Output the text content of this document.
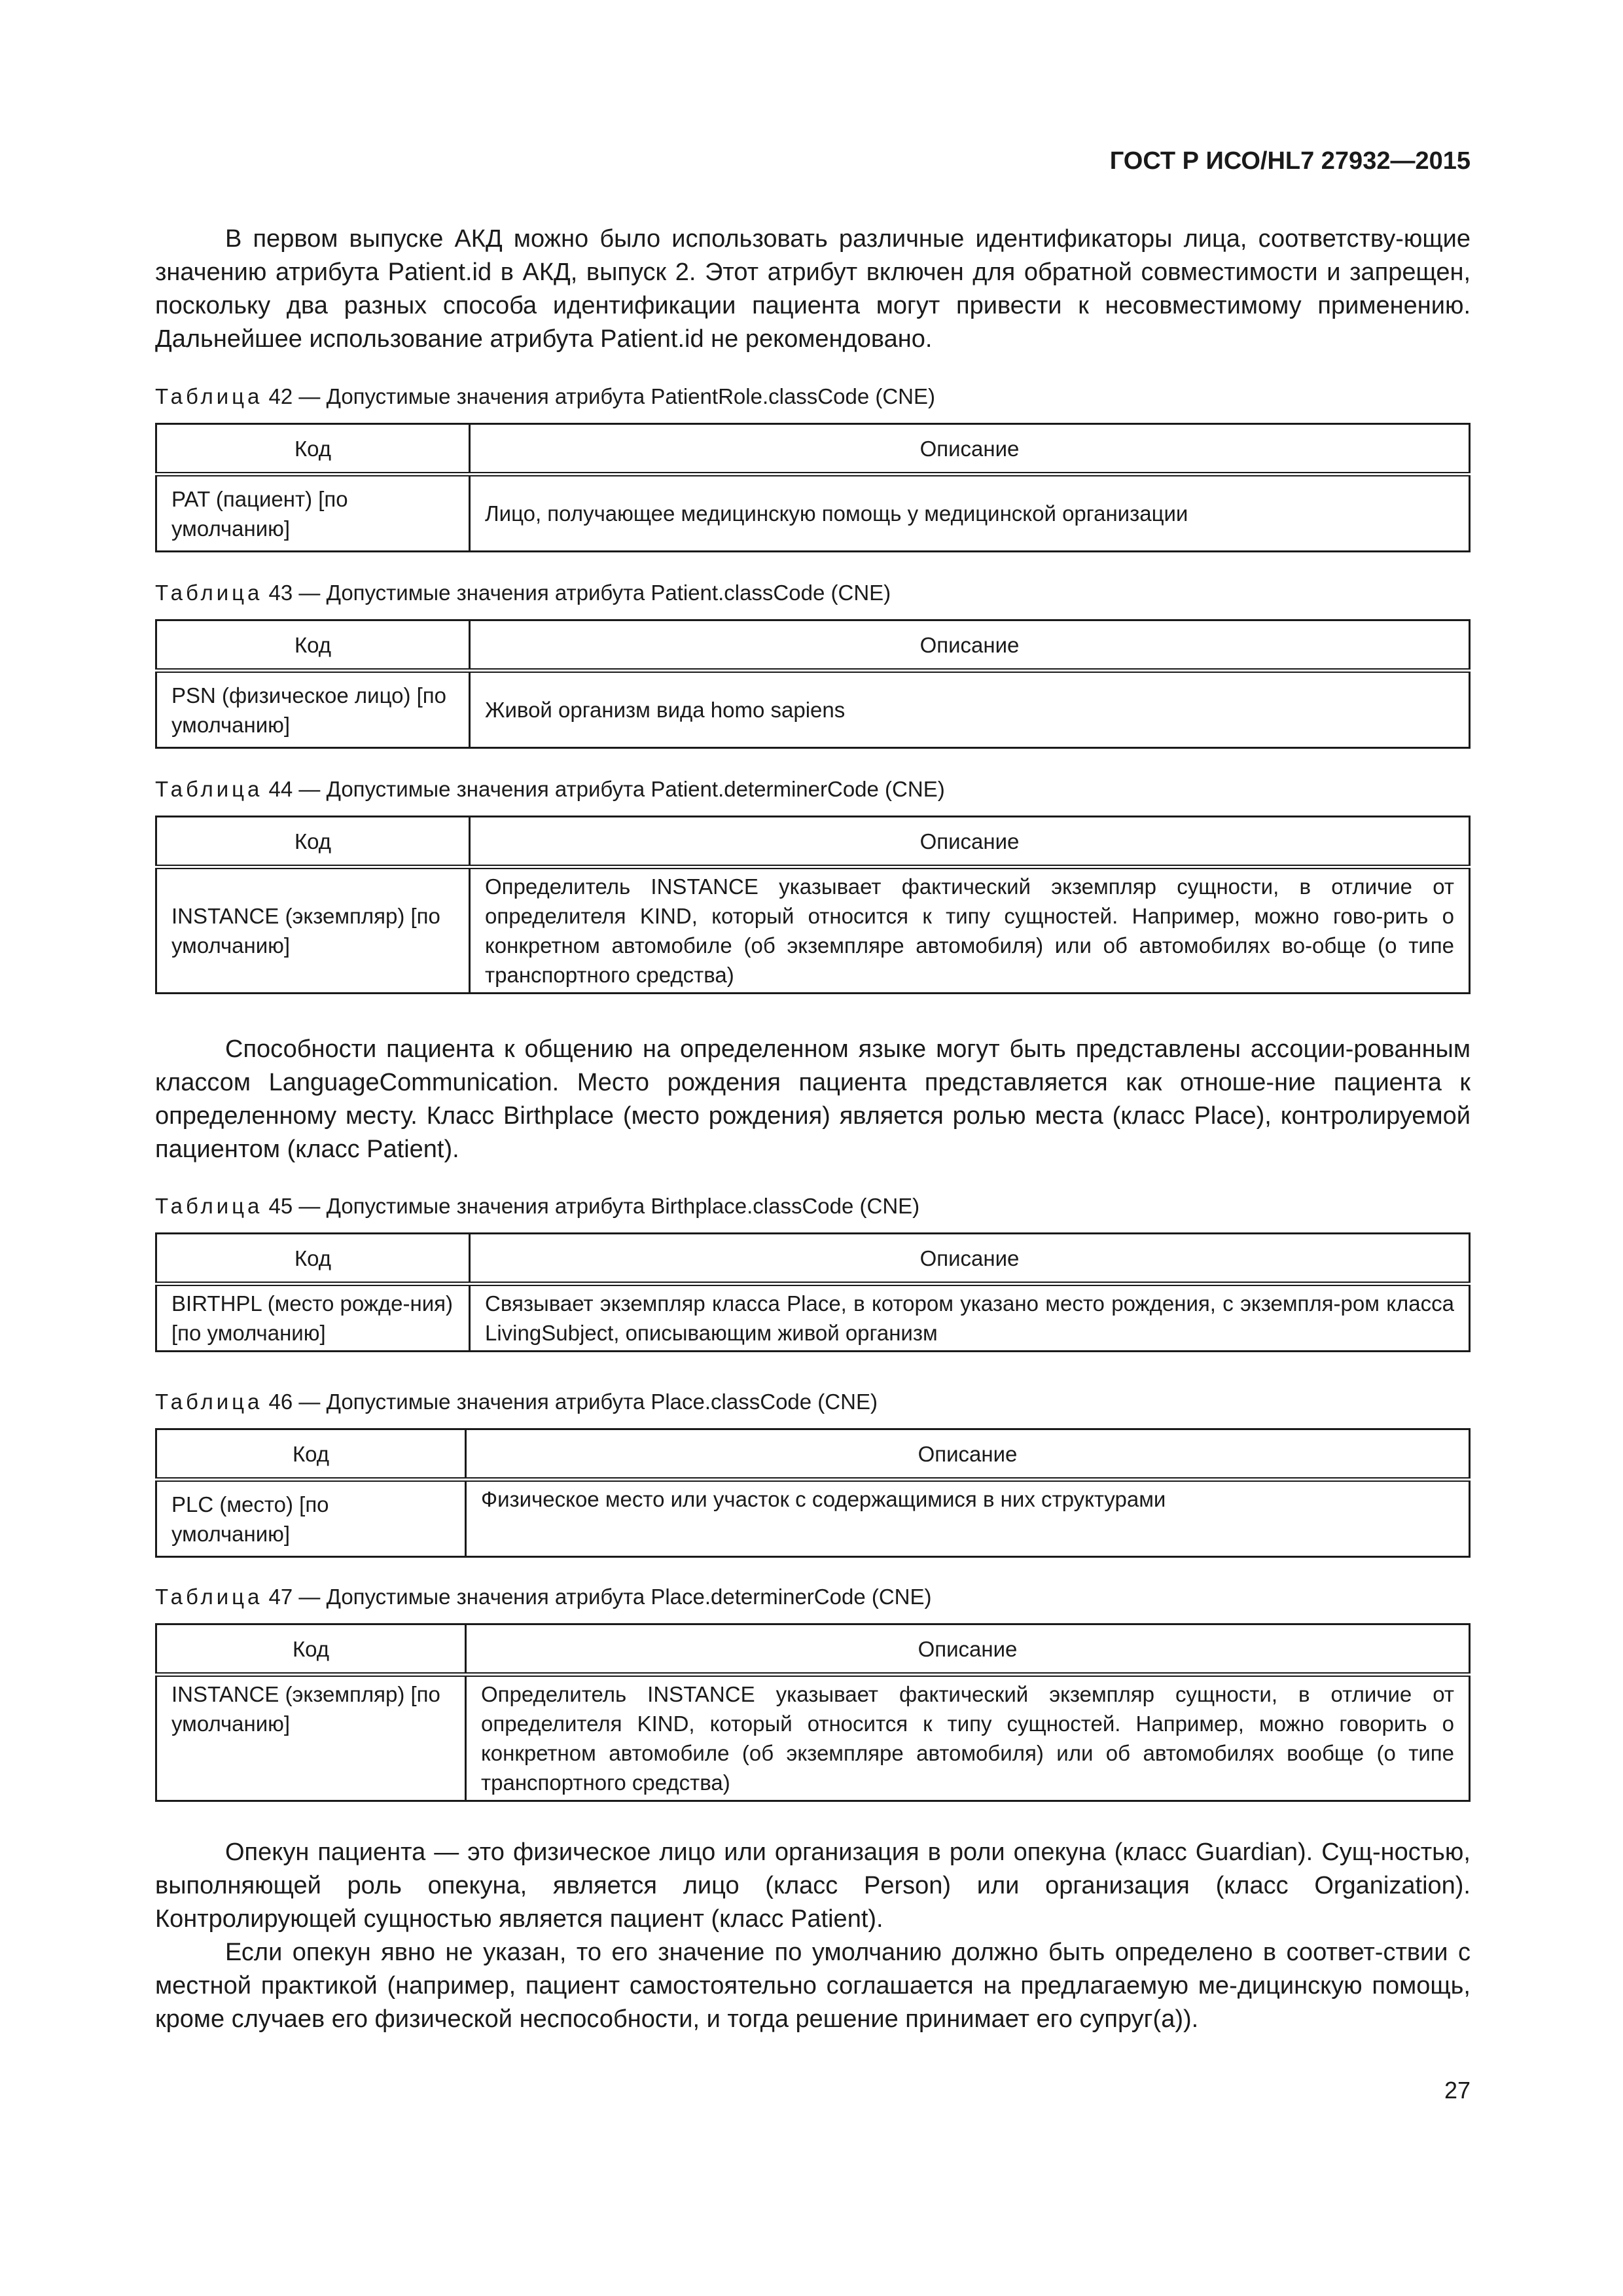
ГОСТ Р ИСО/HL7 27932—2015

В первом выпуске АКД можно было использовать различные идентификаторы лица, соответству-ющие значению атрибута Patient.id в АКД, выпуск 2. Этот атрибут включен для обратной совместимости и запрещен, поскольку два разных способа идентификации пациента могут привести к несовместимому применению. Дальнейшее использование атрибута Patient.id не рекомендовано.

Таблица 42 — Допустимые значения атрибута PatientRole.classCode (CNE)

Код	Описание
PAT (пациент) [по умолчанию]	Лицо, получающее медицинскую помощь у медицинской организации

Таблица 43 — Допустимые значения атрибута Patient.classCode (CNE)

Код	Описание
PSN (физическое лицо) [по умолчанию]	Живой организм вида homo sapiens

Таблица 44 — Допустимые значения атрибута Patient.determinerCode (CNE)

Код	Описание
INSTANCE (экземпляр) [по умолчанию]	Определитель INSTANCE указывает фактический экземпляр сущности, в отличие от определителя KIND, который относится к типу сущностей. Например, можно гово-рить о конкретном автомобиле (об экземпляре автомобиля) или об автомобилях во-обще (о типе транспортного средства)

Способности пациента к общению на определенном языке могут быть представлены ассоции-рованным классом LanguageCommunication. Место рождения пациента представляется как отноше-ние пациента к определенному месту. Класс Birthplace (место рождения) является ролью места (класс Place), контролируемой пациентом (класс Patient).

Таблица 45 — Допустимые значения атрибута Birthplace.classCode (CNE)

Код	Описание
BIRTHPL (место рожде-ния) [по умолчанию]	Связывает экземпляр класса Place, в котором указано место рождения, с экземпля-ром класса LivingSubject, описывающим живой организм

Таблица 46 — Допустимые значения атрибута Place.classCode (CNE)

Код	Описание
PLC (место) [по умолчанию]	Физическое место или участок с содержащимися в них структурами

Таблица 47 — Допустимые значения атрибута Place.determinerCode (CNE)

Код	Описание
INSTANCE (экземпляр) [по умолчанию]	Определитель INSTANCE указывает фактический экземпляр сущности, в отличие от определителя KIND, который относится к типу сущностей. Например, можно говорить о конкретном автомобиле (об экземпляре автомобиля) или об автомобилях вообще (о типе транспортного средства)

Опекун пациента — это физическое лицо или организация в роли опекуна (класс Guardian). Сущ-ностью, выполняющей роль опекуна, является лицо (класс Person) или организация (класс Organization). Контролирующей сущностью является пациент (класс Patient).

Если опекун явно не указан, то его значение по умолчанию должно быть определено в соответ-ствии с местной практикой (например, пациент самостоятельно соглашается на предлагаемую ме-дицинскую помощь, кроме случаев его физической неспособности, и тогда решение принимает его супруг(а)).

27
